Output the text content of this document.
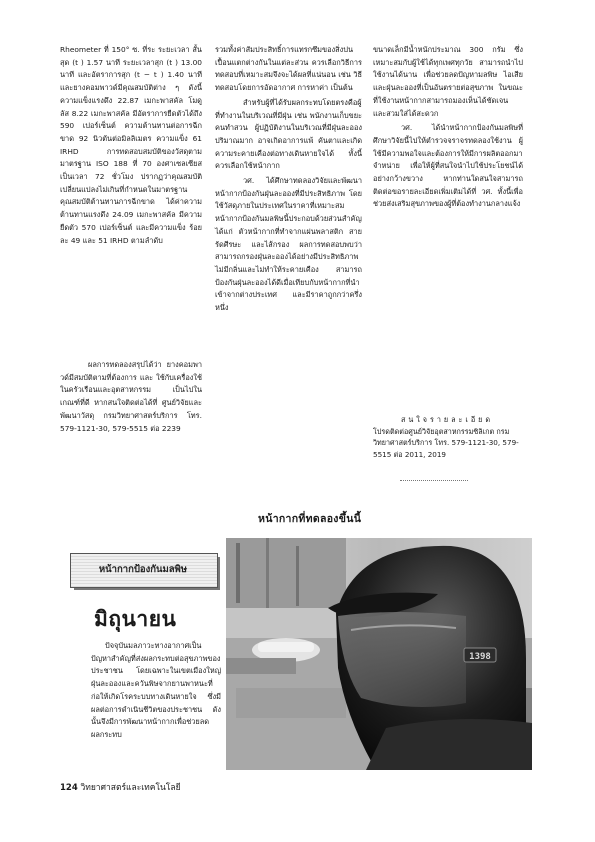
Rheometer ที่ 150° ซ. ที่ระ ระยะเวลา สั้นสุด (t ) 1.57 นาที ระยะเวลาสุก (t ) 13.00 นาที และอัตราการสุก (t − t ) 1.40 นาที และยางคอมพาวด์มีคุณสมบัติต่าง ๆ ดังนี้ ความแข็งแรงดึง 22.87 เมกะพาสคัล โมดูลัส 8.22 เมกะพาสคัล มีอัตราการยืดตัวได้ถึง 590 เปอร์เซ็นต์ ความต้านทานต่อการฉีกขาด 92 นิวตันต่อมิลลิเมตร ความแข็ง 61 IRHD การทดสอบสมบัติของวัสดุตามมาตรฐาน ISO 188 ที่ 70 องศาเซลเซียส เป็นเวลา 72 ชั่วโมง ปรากฏว่าคุณสมบัติเปลี่ยนแปลงไม่เกินที่กำหนดในมาตรฐาน คุณสมบัติต้านทานการฉีกขาด ได้ค่าความต้านทานแรงดึง 24.09 เมกะพาสคัล มีความยืดตัว 570 เปอร์เซ็นต์ และมีความแข็ง ร้อยละ 49 และ 51 IRHD ตามลำดับ

ผลการทดลองสรุปได้ว่า ยางคอมพาวด์มีสมบัติตามที่ต้องการ และ ใช้กับเครื่องใช้ในครัวเรือนและอุตสาหกรรม เป็นไปในเกณฑ์ที่ดี หากสนใจติดต่อได้ที่ ศูนย์วิจัยและพัฒนาวัสดุ กรมวิทยาศาสตร์บริการ โทร. 579-1121-30, 579-5515 ต่อ 2239

รวมทั้งค่าสัมประสิทธิ์การแทรกซึมของสิ่งปนเปื้อนแตกต่างกันในแต่ละส่วน ควรเลือกวิธีการทดสอบที่เหมาะสมจึงจะได้ผลที่แน่นอน เช่น วิธีทดสอบโดยการอัดอากาศ การหาค่า เป็นต้น

สำหรับผู้ที่ได้รับผลกระทบโดยตรงคือผู้ที่ทำงานในบริเวณที่มีฝุ่น เช่น พนักงานเก็บขยะ คนทำสวน ผู้ปฏิบัติงานในบริเวณที่มีฝุ่นละอองปริมาณมาก อาจเกิดอาการแพ้ คันตาและเกิดความระคายเคืองต่อทางเดินหายใจได้ ทั้งนี้ควรเลือกใช้หน้ากาก

วศ. ได้ศึกษาทดลองวิจัยและพัฒนาหน้ากากป้องกันฝุ่นละอองที่มีประสิทธิภาพ โดยใช้วัสดุภายในประเทศในราคาที่เหมาะสม หน้ากากป้องกันมลพิษนี้ประกอบด้วยส่วนสำคัญ ได้แก่ ตัวหน้ากากที่ทำจากแผ่นพลาสติก สายรัดศีรษะ และไส้กรอง ผลการทดสอบพบว่าสามารถกรองฝุ่นละอองได้อย่างมีประสิทธิภาพ ไม่มีกลิ่นและไม่ทำให้ระคายเคือง สามารถป้องกันฝุ่นละอองได้ดีเมื่อเทียบกับหน้ากากที่นำเข้าจากต่างประเทศ และมีราคาถูกกว่าครึ่งหนึ่ง

ขนาดเล็กมีน้ำหนักประมาณ 300 กรัม ซึ่งเหมาะสมกับผู้ใช้ได้ทุกเพศทุกวัย สามารถนำไปใช้งานได้นาน เพื่อช่วยลดปัญหามลพิษ ไอเสีย และฝุ่นละอองที่เป็นอันตรายต่อสุขภาพ ในขณะที่ใช้งานหน้ากากสามารถมองเห็นได้ชัดเจน และสวมใส่ได้สะดวก

วศ. ได้นำหน้ากากป้องกันมลพิษที่ศึกษาวิจัยนี้ไปให้ตำรวจจราจรทดลองใช้งาน ผู้ใช้มีความพอใจและต้องการให้มีการผลิตออกมาจำหน่าย เพื่อให้ผู้ที่สนใจนำไปใช้ประโยชน์ได้อย่างกว้างขวาง หากท่านใดสนใจสามารถติดต่อขอรายละเอียดเพิ่มเติมได้ที่ วศ. ทั้งนี้เพื่อช่วยส่งเสริมสุขภาพของผู้ที่ต้องทำงานกลางแจ้ง

สนใจรายละเอียด
โปรดติดต่อศูนย์วิจัยอุตสาหกรรมซิลิเกต กรมวิทยาศาสตร์บริการ โทร. 579-1121-30, 579-5515 ต่อ 2011, 2019
หน้ากากที่ทดลองขึ้นนี้
หน้ากากป้องกันมลพิษ
มิถุนายน

ปัจจุบันมลภาวะทางอากาศเป็นปัญหาสำคัญที่ส่งผลกระทบต่อสุขภาพของประชาชน โดยเฉพาะในเขตเมืองใหญ่ ฝุ่นละอองและควันพิษจากยานพาหนะที่ก่อให้เกิดโรคระบบทางเดินหายใจ ซึ่งมีผลต่อการดำเนินชีวิตของประชาชน ดังนั้นจึงมีการพัฒนาหน้ากากเพื่อช่วยลดผลกระทบ

1398
124 วิทยาศาสตร์และเทคโนโลยี
